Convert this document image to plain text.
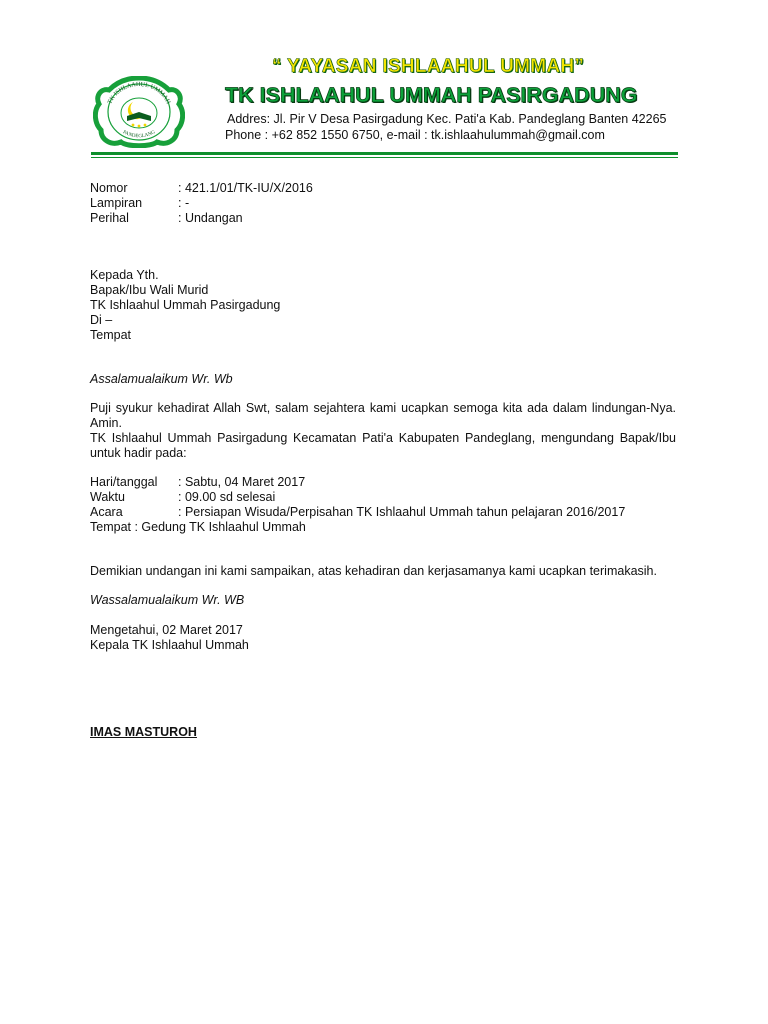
TK ISHLAAHUL UMMAH
PANDEGLANG
“ YAYASAN ISHLAAHUL UMMAH”
TK ISHLAAHUL UMMAH PASIRGADUNG
Addres: Jl. Pir V Desa Pasirgadung Kec. Pati'a Kab. Pandeglang Banten 42265
Phone : +62 852 1550 6750, e-mail : tk.ishlaahulummah@gmail.com
Nomor	: 421.1/01/TK-IU/X/2016
Lampiran	: -
Perihal	: Undangan
Kepada Yth.
Bapak/Ibu Wali Murid
TK Ishlaahul Ummah Pasirgadung
Di –
Tempat
Assalamualaikum Wr. Wb
Puji syukur kehadirat Allah Swt, salam sejahtera kami ucapkan semoga kita ada dalam lindungan-Nya.
Amin.
TK Ishlaahul Ummah Pasirgadung Kecamatan Pati'a Kabupaten Pandeglang, mengundang Bapak/Ibu
untuk hadir pada:
Hari/tanggal : Sabtu, 04 Maret 2017
Waktu	: 09.00 sd selesai
Acara	: Persiapan Wisuda/Perpisahan TK Ishlaahul Ummah tahun pelajaran 2016/2017
Tempat : Gedung TK Ishlaahul Ummah
Demikian undangan ini kami sampaikan, atas kehadiran dan kerjasamanya kami ucapkan terimakasih.
Wassalamualaikum Wr. WB
Mengetahui, 02 Maret 2017
Kepala TK Ishlaahul Ummah
IMAS MASTUROH
